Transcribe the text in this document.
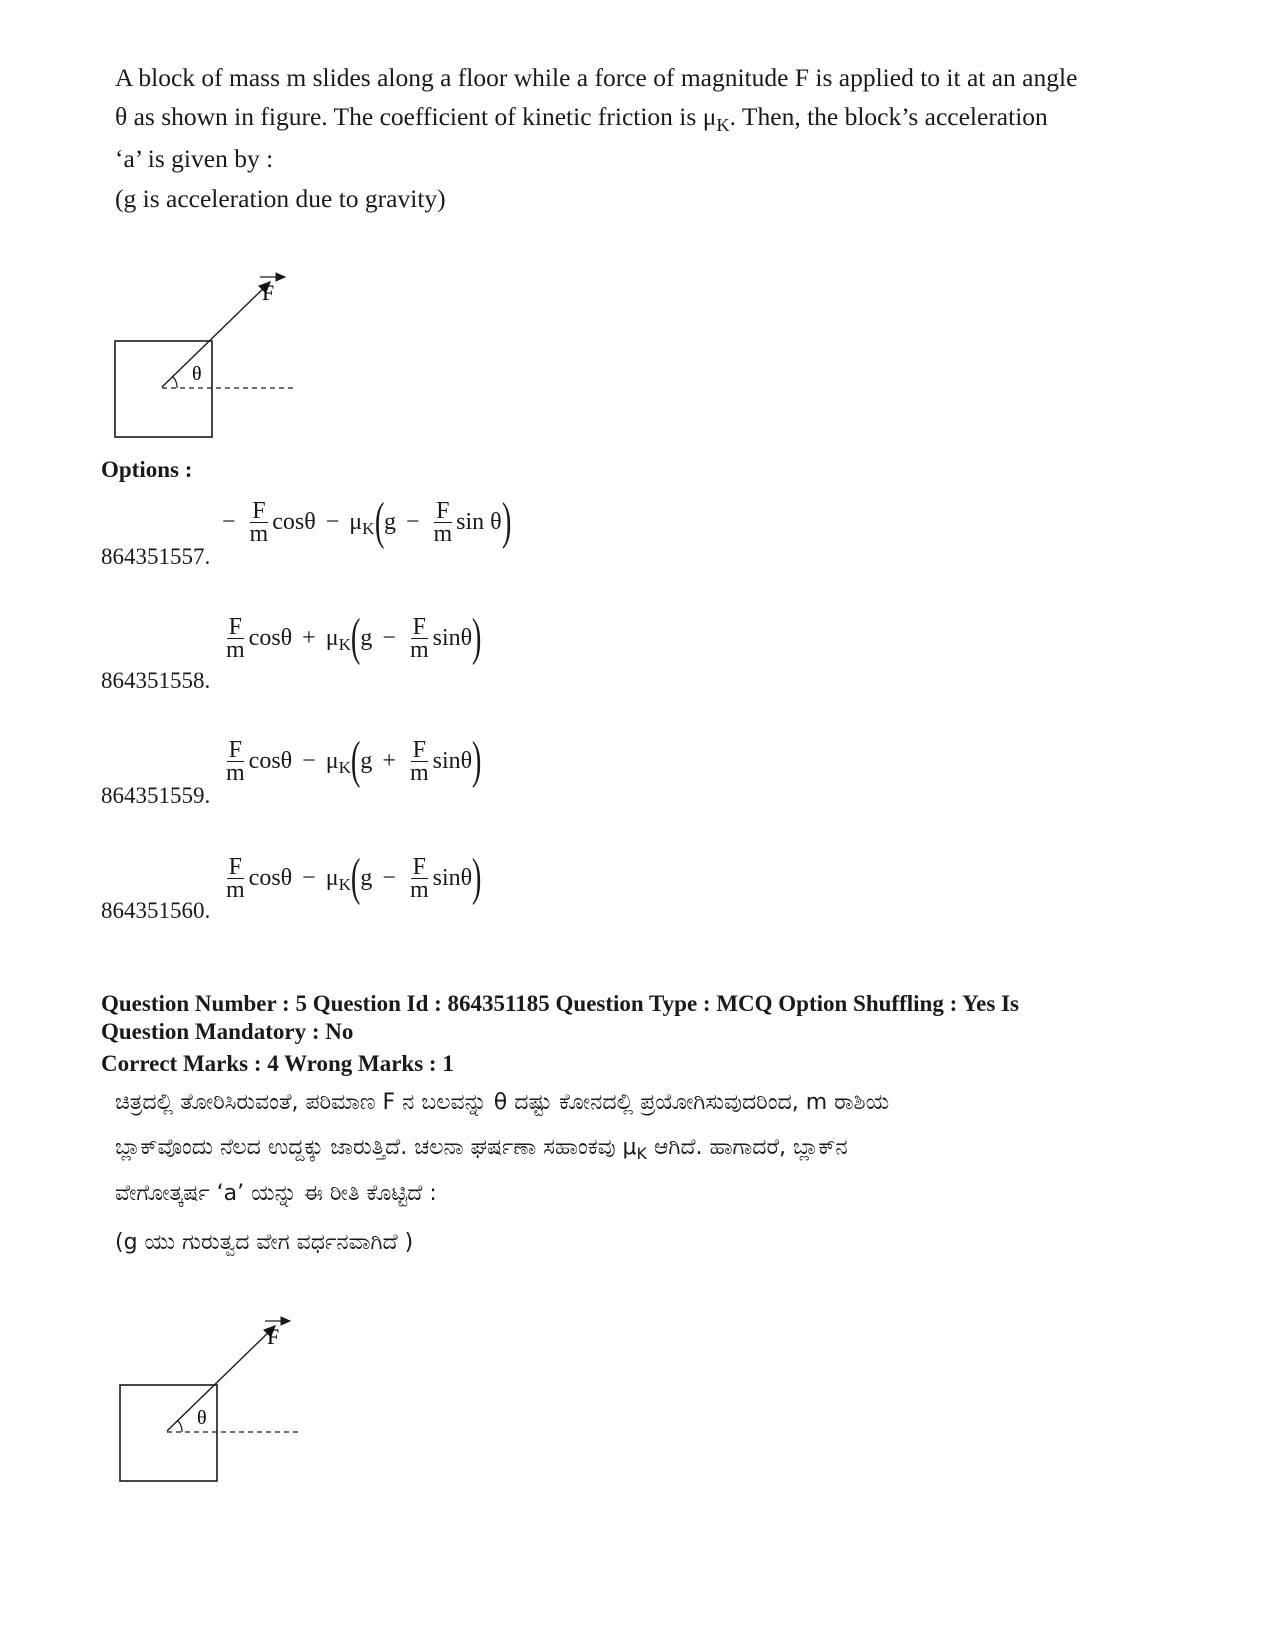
A block of mass m slides along a floor while a force of magnitude F is applied to it at an angle
θ as shown in figure. The coefficient of kinetic friction is $\mu_K$. Then, the block’s acceleration
‘a’ is given by :
(g is acceleration due to gravity)
θ
F
Options :
864351557.
− $\frac{F}{m}$ $\cos\theta - \mu_K$ ( $g - \frac{F}{m}$ sin θ )
864351558.
$\frac{F}{m}$ $\cos\theta + \mu_K$ ( $g - \frac{F}{m}$ sinθ )
864351559.
$\frac{F}{m}$ $\cos\theta - \mu_K$ ( $g + \frac{F}{m}$ sinθ )
864351560.
$\frac{F}{m}$ $\cos\theta - \mu_K$ ( $g - \frac{F}{m}$ sinθ )
Question Number : 5 Question Id : 864351185 Question Type : MCQ Option Shuffling : Yes Is
Question Mandatory : No
Correct Marks : 4 Wrong Marks : 1
ಚಿತ್ರದಲ್ಲಿ ತೋರಿಸಿರುವಂತೆ, ಪರಿಮಾಣ F ನ ಬಲವನ್ನು θ ದಷ್ಟು ಕೋನದಲ್ಲಿ ಪ್ರಯೋಗಿಸುವುದರಿಂದ, m ರಾಶಿಯ
ಬ್ಲಾಕ್‌ವೊಂದು ನೆಲದ ಉದ್ದಕ್ಕು ಜಾರುತ್ತಿದೆ. ಚಲನಾ ಘರ್ಷಣಾ ಸಹಾಂಕವು $\mu_K$ ಆಗಿದೆ. ಹಾಗಾದರೆ, ಬ್ಲಾಕ್‌ನ
ವೇಗೋತ್ಕರ್ಷ ‘a’ ಯನ್ನು ಈ ರೀತಿ ಕೊಟ್ಟಿದೆ :
(g ಯು ಗುರುತ್ವದ ವೇಗ ವರ್ಧನವಾಗಿದೆ )
θ
F
